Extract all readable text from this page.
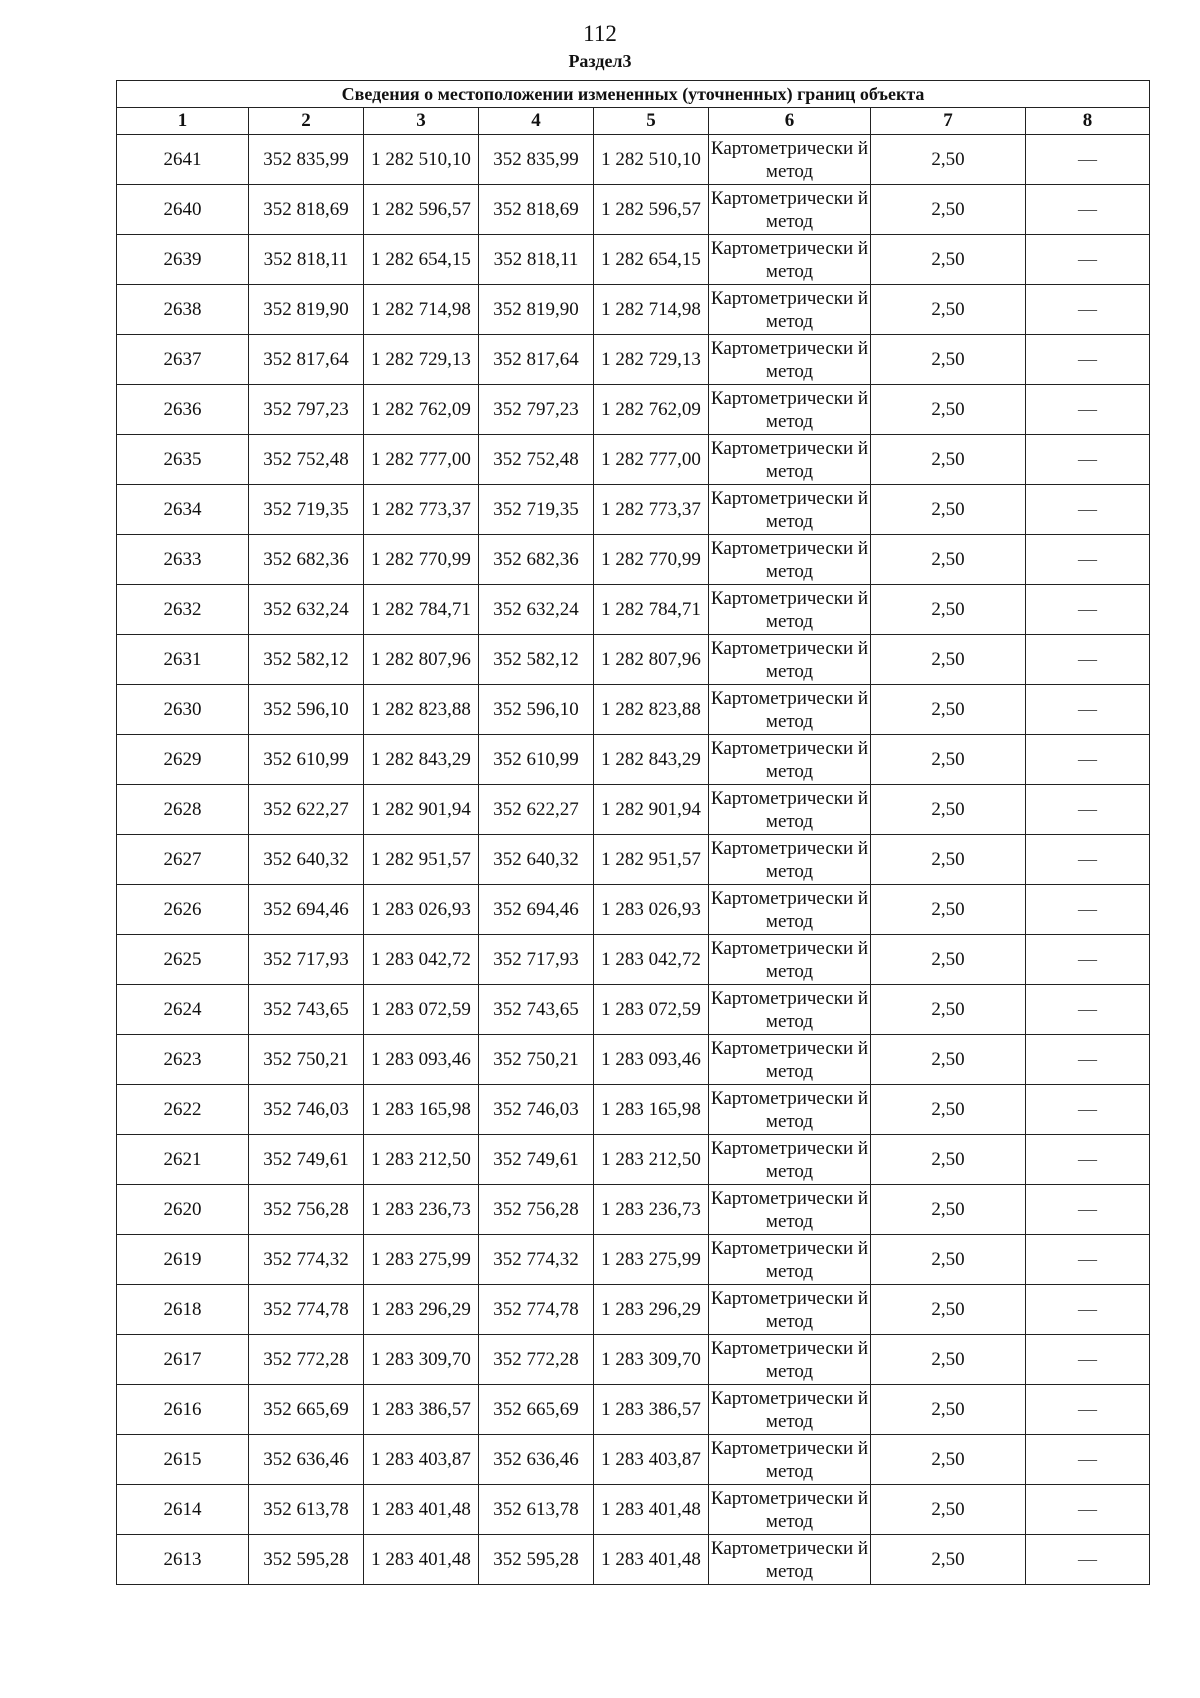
112
Раздел3
Сведения о местоположении измененных (уточненных) границ объекта							
1	2	3	4	5	6	7	8
2641	352 835,99	1 282 510,10	352 835,99	1 282 510,10	Картометрически й метод	2,50	—
2640	352 818,69	1 282 596,57	352 818,69	1 282 596,57	Картометрически й метод	2,50	—
2639	352 818,11	1 282 654,15	352 818,11	1 282 654,15	Картометрически й метод	2,50	—
2638	352 819,90	1 282 714,98	352 819,90	1 282 714,98	Картометрически й метод	2,50	—
2637	352 817,64	1 282 729,13	352 817,64	1 282 729,13	Картометрически й метод	2,50	—
2636	352 797,23	1 282 762,09	352 797,23	1 282 762,09	Картометрически й метод	2,50	—
2635	352 752,48	1 282 777,00	352 752,48	1 282 777,00	Картометрически й метод	2,50	—
2634	352 719,35	1 282 773,37	352 719,35	1 282 773,37	Картометрически й метод	2,50	—
2633	352 682,36	1 282 770,99	352 682,36	1 282 770,99	Картометрически й метод	2,50	—
2632	352 632,24	1 282 784,71	352 632,24	1 282 784,71	Картометрически й метод	2,50	—
2631	352 582,12	1 282 807,96	352 582,12	1 282 807,96	Картометрически й метод	2,50	—
2630	352 596,10	1 282 823,88	352 596,10	1 282 823,88	Картометрически й метод	2,50	—
2629	352 610,99	1 282 843,29	352 610,99	1 282 843,29	Картометрически й метод	2,50	—
2628	352 622,27	1 282 901,94	352 622,27	1 282 901,94	Картометрически й метод	2,50	—
2627	352 640,32	1 282 951,57	352 640,32	1 282 951,57	Картометрически й метод	2,50	—
2626	352 694,46	1 283 026,93	352 694,46	1 283 026,93	Картометрически й метод	2,50	—
2625	352 717,93	1 283 042,72	352 717,93	1 283 042,72	Картометрически й метод	2,50	—
2624	352 743,65	1 283 072,59	352 743,65	1 283 072,59	Картометрически й метод	2,50	—
2623	352 750,21	1 283 093,46	352 750,21	1 283 093,46	Картометрически й метод	2,50	—
2622	352 746,03	1 283 165,98	352 746,03	1 283 165,98	Картометрически й метод	2,50	—
2621	352 749,61	1 283 212,50	352 749,61	1 283 212,50	Картометрически й метод	2,50	—
2620	352 756,28	1 283 236,73	352 756,28	1 283 236,73	Картометрически й метод	2,50	—
2619	352 774,32	1 283 275,99	352 774,32	1 283 275,99	Картометрически й метод	2,50	—
2618	352 774,78	1 283 296,29	352 774,78	1 283 296,29	Картометрически й метод	2,50	—
2617	352 772,28	1 283 309,70	352 772,28	1 283 309,70	Картометрически й метод	2,50	—
2616	352 665,69	1 283 386,57	352 665,69	1 283 386,57	Картометрически й метод	2,50	—
2615	352 636,46	1 283 403,87	352 636,46	1 283 403,87	Картометрически й метод	2,50	—
2614	352 613,78	1 283 401,48	352 613,78	1 283 401,48	Картометрически й метод	2,50	—
2613	352 595,28	1 283 401,48	352 595,28	1 283 401,48	Картометрически й метод	2,50	—
